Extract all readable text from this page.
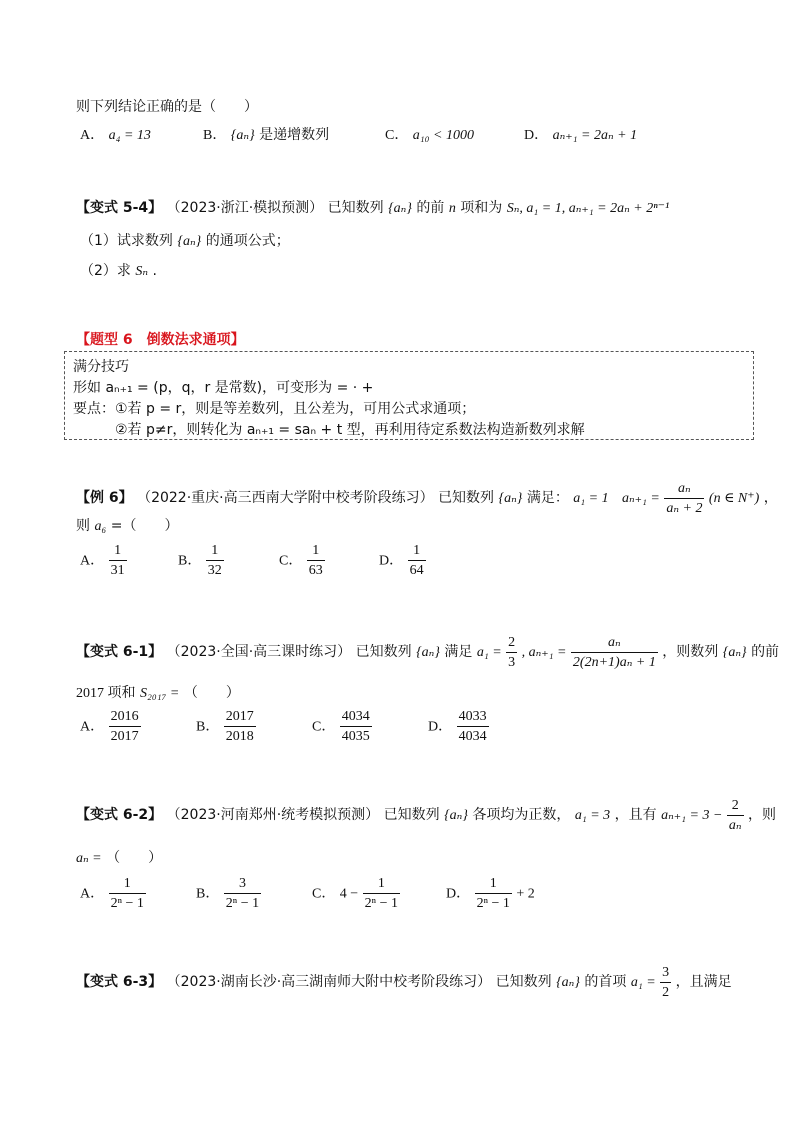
则下列结论正确的是（　　）
A． a₄ = 13	B． {aₙ} 是递增数列	C． a₁₀ < 1000	D． aₙ₊₁ = 2aₙ + 1
【变式 5-4】 （2023·浙江·模拟预测） 已知数列 {aₙ} 的前 n 项和为 Sₙ, a₁ = 1, aₙ₊₁ = 2aₙ + 2ⁿ⁻¹
（1）试求数列 {aₙ} 的通项公式；
（2）求 Sₙ .
【题型 6　倒数法求通项】
满分技巧
形如 aₙ₊₁ = (p，q，r 是常数)，可变形为 = · +
要点：①若 p = r，则是等差数列，且公差为，可用公式求通项；
②若 p≠r，则转化为 aₙ₊₁ = saₙ + t 型，再利用待定系数法构造新数列求解
【例 6】 （2022·重庆·高三西南大学附中校考阶段练习） 已知数列 {aₙ} 满足： a₁ = 1 $a_{n+1} = \frac{\text{aₙ}}{\text{aₙ + 2}} (n$ ∈ N⁺) ，
则 a₆ =（　　）
A． $\frac{1}{31}$	B． $\frac{1}{32}$	C． $\frac{1}{63}$	D． $\frac{1}{64}$
【变式 6-1】 （2023·全国·高三课时练习） 已知数列 {aₙ} 满足 $a_1 = \frac{2}{3}$ , $a_{n+1} = \frac{\text{aₙ}}{\text{2(2n+1)aₙ + 1}}$ ，则数列 {aₙ} 的前
2017 项和 S₂₀₁₇ = （　　）
A． $\frac{2016}{2017}$	B． $\frac{2017}{2018}$	C． $\frac{4034}{4035}$	D． $\frac{4033}{4034}$
【变式 6-2】 （2023·河南郑州·统考模拟预测） 已知数列 {aₙ} 各项均为正数， a₁ = 3 ，且有 $a_{n+1} = 3 - \frac{2}{\text{aₙ}}$ ，则
aₙ = （　　）
A． $\frac{1}{\text{2ⁿ − 1}}$	B． $\frac{3}{\text{2ⁿ − 1}}$	C． $4 - \frac{1}{\text{2ⁿ − 1}}$	D． $\frac{1}{\text{2ⁿ − 1}} + 2$
【变式 6-3】 （2023·湖南长沙·高三湖南师大附中校考阶段练习） 已知数列 {aₙ} 的首项 $a_1 = \frac{3}{2}$ ，且满足
